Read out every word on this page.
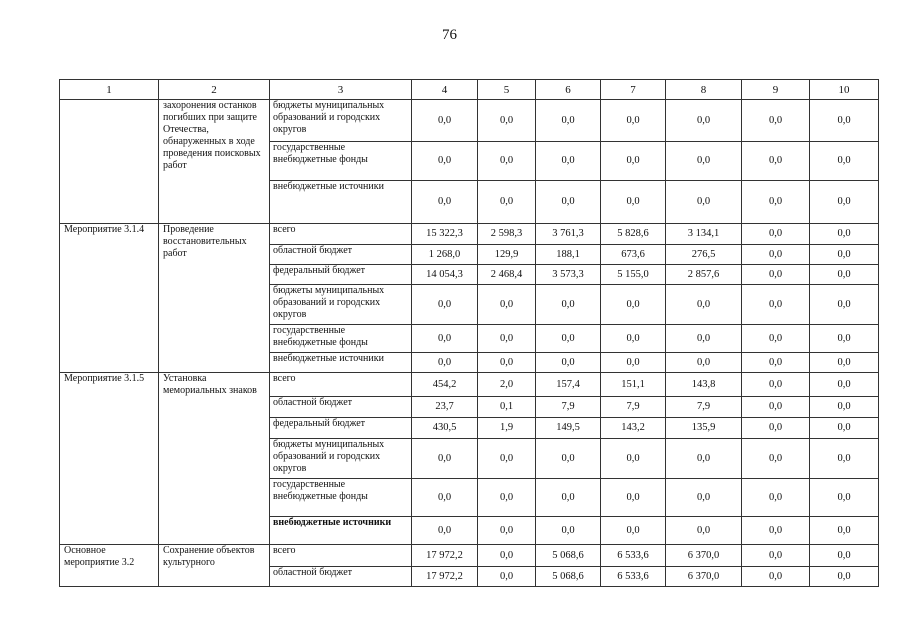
76
1	2	3	4	5	6	7	8	9	10
	захоронения останков погибших при защите Отечества, обнаруженных в ходе проведения поисковых работ	бюджеты муниципальных образований и городских округов	0,0	0,0	0,0	0,0	0,0	0,0	0,0
		государственные внебюджетные фонды	0,0	0,0	0,0	0,0	0,0	0,0	0,0
		внебюджетные источники	0,0	0,0	0,0	0,0	0,0	0,0	0,0
Мероприятие 3.1.4	Проведение восстановительных работ	всего	15 322,3	2 598,3	3 761,3	5 828,6	3 134,1	0,0	0,0
		областной бюджет	1 268,0	129,9	188,1	673,6	276,5	0,0	0,0
		федеральный бюджет	14 054,3	2 468,4	3 573,3	5 155,0	2 857,6	0,0	0,0
		бюджеты муниципальных образований и городских округов	0,0	0,0	0,0	0,0	0,0	0,0	0,0
		государственные внебюджетные фонды	0,0	0,0	0,0	0,0	0,0	0,0	0,0
		внебюджетные источники	0,0	0,0	0,0	0,0	0,0	0,0	0,0
Мероприятие 3.1.5	Установка мемориальных знаков	всего	454,2	2,0	157,4	151,1	143,8	0,0	0,0
		областной бюджет	23,7	0,1	7,9	7,9	7,9	0,0	0,0
		федеральный бюджет	430,5	1,9	149,5	143,2	135,9	0,0	0,0
		бюджеты муниципальных образований и городских округов	0,0	0,0	0,0	0,0	0,0	0,0	0,0
		государственные внебюджетные фонды	0,0	0,0	0,0	0,0	0,0	0,0	0,0
		внебюджетные источники	0,0	0,0	0,0	0,0	0,0	0,0	0,0
Основное мероприятие 3.2	Сохранение объектов культурного	всего	17 972,2	0,0	5 068,6	6 533,6	6 370,0	0,0	0,0
		областной бюджет	17 972,2	0,0	5 068,6	6 533,6	6 370,0	0,0	0,0
